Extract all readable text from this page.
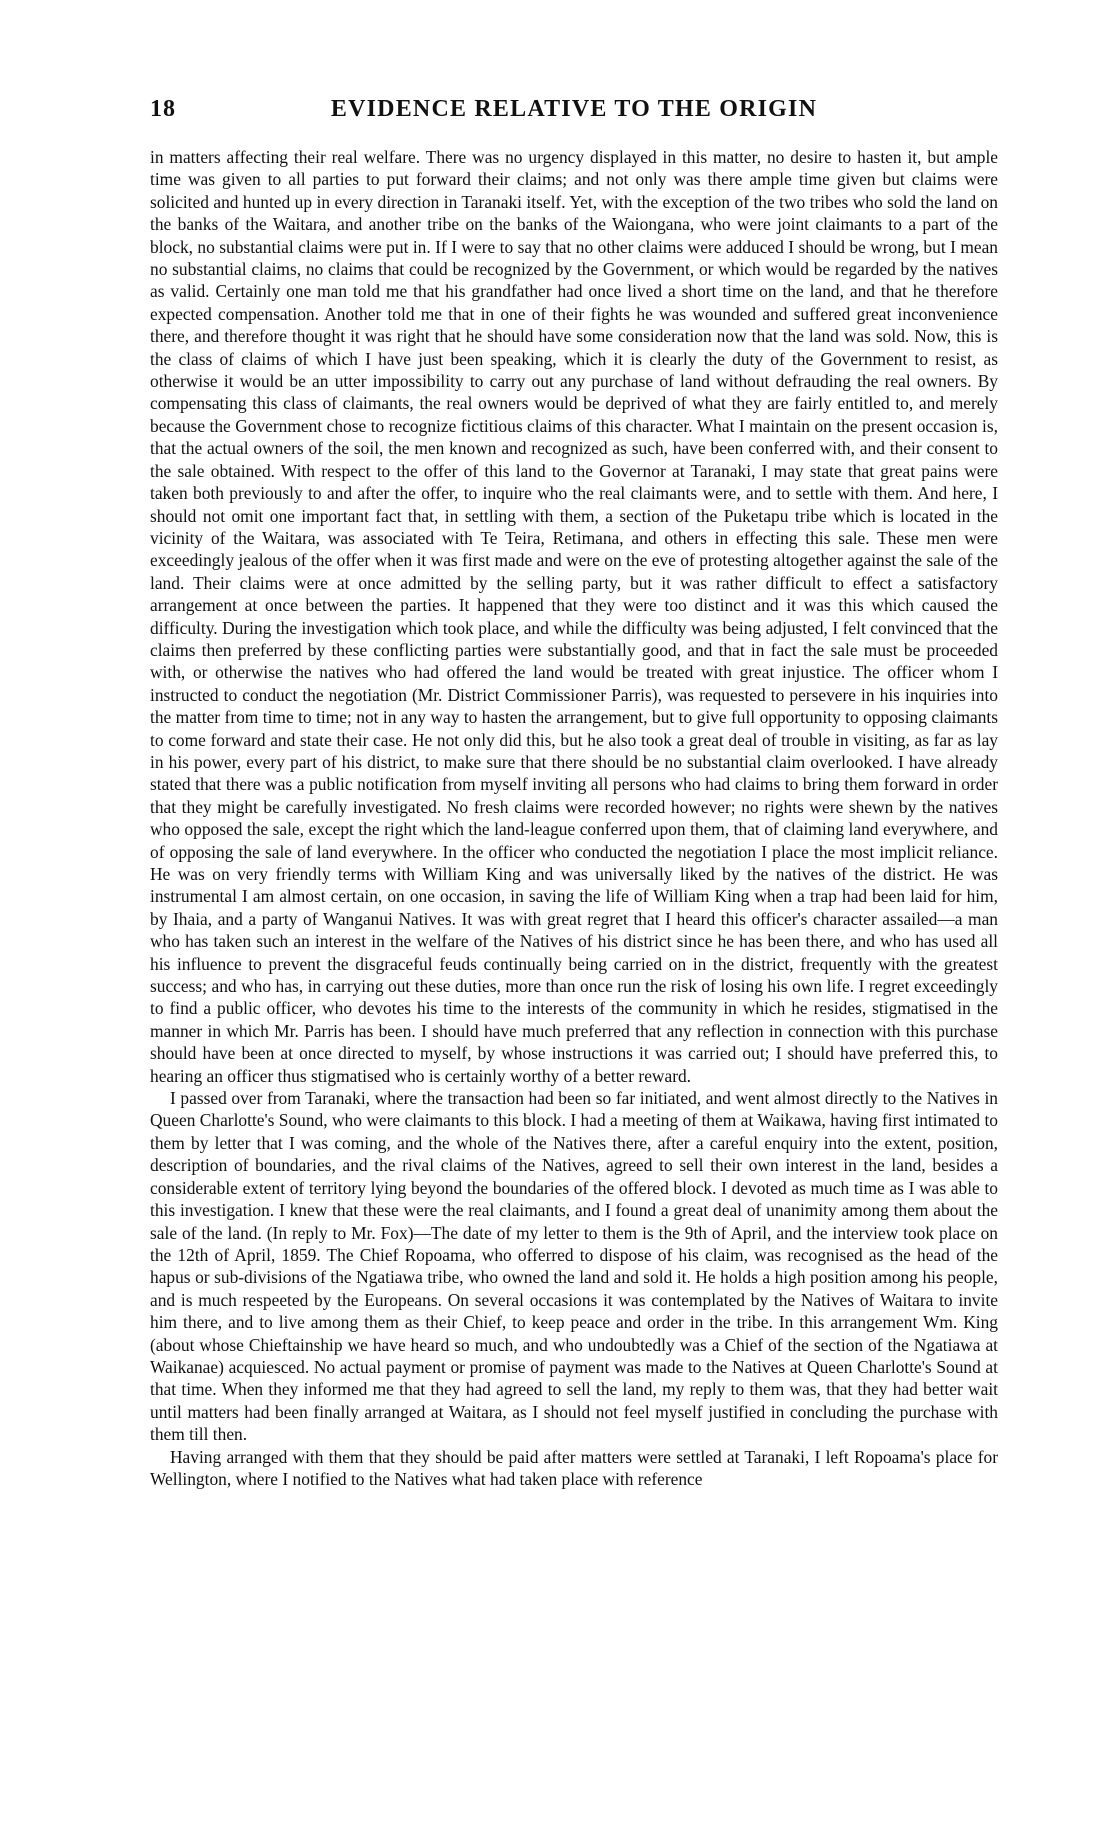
18	EVIDENCE RELATIVE TO THE ORIGIN

in matters affecting their real welfare. There was no urgency displayed in this matter, no desire to hasten it, but ample time was given to all parties to put forward their claims; and not only was there ample time given but claims were solicited and hunted up in every direction in Taranaki itself. Yet, with the exception of the two tribes who sold the land on the banks of the Waitara, and another tribe on the banks of the Waiongana, who were joint claimants to a part of the block, no substantial claims were put in. If I were to say that no other claims were adduced I should be wrong, but I mean no substantial claims, no claims that could be recognized by the Government, or which would be regarded by the natives as valid. Certainly one man told me that his grandfather had once lived a short time on the land, and that he therefore expected compensation. Another told me that in one of their fights he was wounded and suffered great inconvenience there, and therefore thought it was right that he should have some consideration now that the land was sold. Now, this is the class of claims of which I have just been speaking, which it is clearly the duty of the Government to resist, as otherwise it would be an utter impossibility to carry out any purchase of land without defrauding the real owners. By compensating this class of claimants, the real owners would be deprived of what they are fairly entitled to, and merely because the Government chose to recognize fictitious claims of this character. What I maintain on the present occasion is, that the actual owners of the soil, the men known and recognized as such, have been conferred with, and their consent to the sale obtained. With respect to the offer of this land to the Governor at Taranaki, I may state that great pains were taken both previously to and after the offer, to inquire who the real claimants were, and to settle with them. And here, I should not omit one important fact that, in settling with them, a section of the Puketapu tribe which is located in the vicinity of the Waitara, was associated with Te Teira, Retimana, and others in effecting this sale. These men were exceedingly jealous of the offer when it was first made and were on the eve of protesting altogether against the sale of the land. Their claims were at once admitted by the selling party, but it was rather difficult to effect a satisfactory arrangement at once between the parties. It happened that they were too distinct and it was this which caused the difficulty. During the investigation which took place, and while the difficulty was being adjusted, I felt convinced that the claims then preferred by these conflicting parties were substantially good, and that in fact the sale must be proceeded with, or otherwise the natives who had offered the land would be treated with great injustice. The officer whom I instructed to conduct the negotiation (Mr. District Commissioner Parris), was requested to persevere in his inquiries into the matter from time to time; not in any way to hasten the arrangement, but to give full opportunity to opposing claimants to come forward and state their case. He not only did this, but he also took a great deal of trouble in visiting, as far as lay in his power, every part of his district, to make sure that there should be no substantial claim overlooked. I have already stated that there was a public notification from myself inviting all persons who had claims to bring them forward in order that they might be carefully investigated. No fresh claims were recorded however; no rights were shewn by the natives who opposed the sale, except the right which the land-league conferred upon them, that of claiming land everywhere, and of opposing the sale of land everywhere. In the officer who conducted the negotiation I place the most implicit reliance. He was on very friendly terms with William King and was universally liked by the natives of the district. He was instrumental I am almost certain, on one occasion, in saving the life of William King when a trap had been laid for him, by Ihaia, and a party of Wanganui Natives. It was with great regret that I heard this officer's character assailed—a man who has taken such an interest in the welfare of the Natives of his district since he has been there, and who has used all his influence to prevent the disgraceful feuds continually being carried on in the district, frequently with the greatest success; and who has, in carrying out these duties, more than once run the risk of losing his own life. I regret exceedingly to find a public officer, who devotes his time to the interests of the community in which he resides, stigmatised in the manner in which Mr. Parris has been. I should have much preferred that any reflection in connection with this purchase should have been at once directed to myself, by whose instructions it was carried out; I should have preferred this, to hearing an officer thus stigmatised who is certainly worthy of a better reward.

I passed over from Taranaki, where the transaction had been so far initiated, and went almost directly to the Natives in Queen Charlotte's Sound, who were claimants to this block. I had a meeting of them at Waikawa, having first intimated to them by letter that I was coming, and the whole of the Natives there, after a careful enquiry into the extent, position, description of boundaries, and the rival claims of the Natives, agreed to sell their own interest in the land, besides a considerable extent of territory lying beyond the boundaries of the offered block. I devoted as much time as I was able to this investigation. I knew that these were the real claimants, and I found a great deal of unanimity among them about the sale of the land. (In reply to Mr. Fox)—The date of my letter to them is the 9th of April, and the interview took place on the 12th of April, 1859. The Chief Ropoama, who offerred to dispose of his claim, was recognised as the head of the hapus or sub-divisions of the Ngatiawa tribe, who owned the land and sold it. He holds a high position among his people, and is much respeeted by the Europeans. On several occasions it was contemplated by the Natives of Waitara to invite him there, and to live among them as their Chief, to keep peace and order in the tribe. In this arrangement Wm. King (about whose Chieftainship we have heard so much, and who undoubtedly was a Chief of the section of the Ngatiawa at Waikanae) acquiesced. No actual payment or promise of payment was made to the Natives at Queen Charlotte's Sound at that time. When they informed me that they had agreed to sell the land, my reply to them was, that they had better wait until matters had been finally arranged at Waitara, as I should not feel myself justified in concluding the purchase with them till then.

Having arranged with them that they should be paid after matters were settled at Taranaki, I left Ropoama's place for Wellington, where I notified to the Natives what had taken place with reference
